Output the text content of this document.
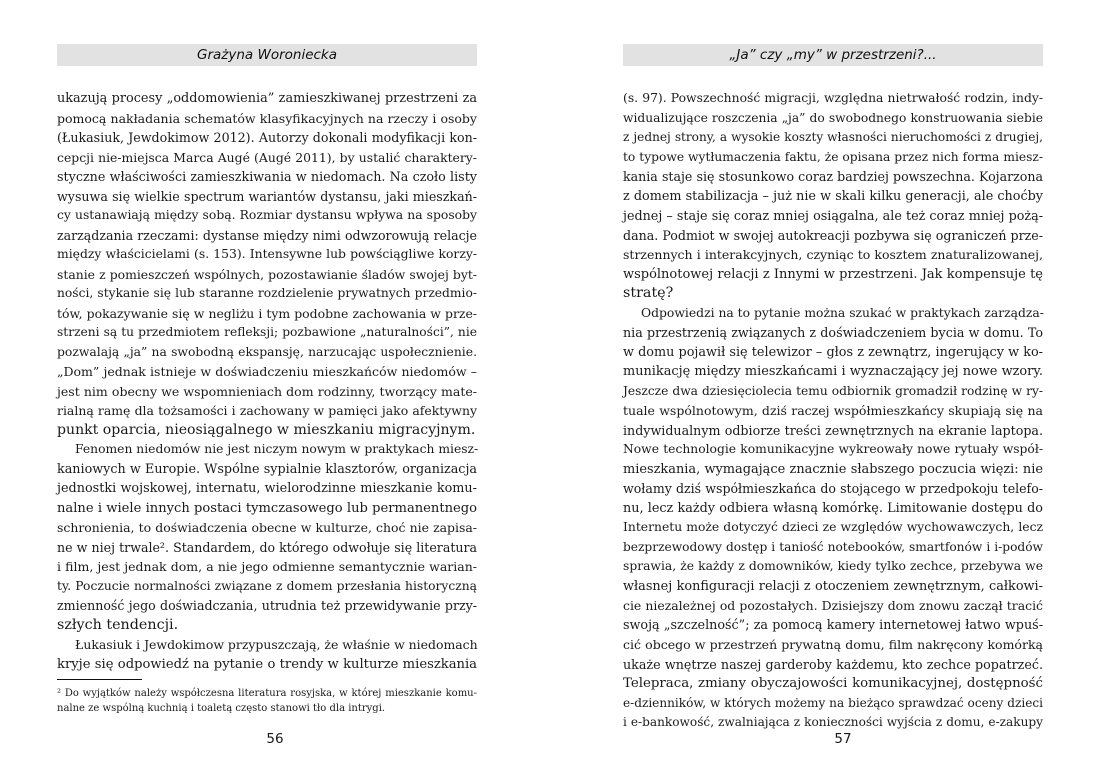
Grażyna Woroniecka
ukazują procesy „oddomowienia” zamieszkiwanej przestrzeni za
pomocą nakładania schematów klasyfikacyjnych na rzeczy i osoby
(Łukasiuk, Jewdokimow 2012). Autorzy dokonali modyfikacji kon-
cepcji nie-miejsca Marca Augé (Augé 2011), by ustalić charaktery-
styczne właściwości zamieszkiwania w niedomach. Na czoło listy
wysuwa się wielkie spectrum wariantów dystansu, jaki mieszkań-
cy ustanawiają między sobą. Rozmiar dystansu wpływa na sposoby
zarządzania rzeczami: dystanse między nimi odwzorowują relacje
między właścicielami (s. 153). Intensywne lub powściągliwe korzy-
stanie z pomieszczeń wspólnych, pozostawianie śladów swojej byt-
ności, stykanie się lub staranne rozdzielenie prywatnych przedmio-
tów, pokazywanie się w negliżu i tym podobne zachowania w prze-
strzeni są tu przedmiotem refleksji; pozbawione „naturalności”, nie
pozwalają „ja” na swobodną ekspansję, narzucając uspołecznienie.
„Dom” jednak istnieje w doświadczeniu mieszkańców niedomów –
jest nim obecny we wspomnieniach dom rodzinny, tworzący mate-
rialną ramę dla tożsamości i zachowany w pamięci jako afektywny
punkt oparcia, nieosiągalnego w mieszkaniu migracyjnym.
Fenomen niedomów nie jest niczym nowym w praktykach miesz-
kaniowych w Europie. Wspólne sypialnie klasztorów, organizacja
jednostki wojskowej, internatu, wielorodzinne mieszkanie komu-
nalne i wiele innych postaci tymczasowego lub permanentnego
schronienia, to doświadczenia obecne w kulturze, choć nie zapisa-
ne w niej trwale². Standardem, do którego odwołuje się literatura
i film, jest jednak dom, a nie jego odmienne semantycznie warian-
ty. Poczucie normalności związane z domem przesłania historyczną
zmienność jego doświadczania, utrudnia też przewidywanie przy-
szłych tendencji.
Łukasiuk i Jewdokimow przypuszczają, że właśnie w niedomach
kryje się odpowiedź na pytanie o trendy w kulturze mieszkania
² Do wyjątków należy współczesna literatura rosyjska, w której mieszkanie komu-
nalne ze wspólną kuchnią i toaletą często stanowi tło dla intrygi.
56
„Ja” czy „my” w przestrzeni?...
(s. 97). Powszechność migracji, względna nietrwałość rodzin, indy-
widualizujące roszczenia „ja” do swobodnego konstruowania siebie
z jednej strony, a wysokie koszty własności nieruchomości z drugiej,
to typowe wytłumaczenia faktu, że opisana przez nich forma miesz-
kania staje się stosunkowo coraz bardziej powszechna. Kojarzona
z domem stabilizacja – już nie w skali kilku generacji, ale choćby
jednej – staje się coraz mniej osiągalna, ale też coraz mniej pożą-
dana. Podmiot w swojej autokreacji pozbywa się ograniczeń prze-
strzennych i interakcyjnych, czyniąc to kosztem znaturalizowanej,
wspólnotowej relacji z Innymi w przestrzeni. Jak kompensuje tę
stratę?
Odpowiedzi na to pytanie można szukać w praktykach zarządza-
nia przestrzenią związanych z doświadczeniem bycia w domu. To
w domu pojawił się telewizor – głos z zewnątrz, ingerujący w ko-
munikację między mieszkańcami i wyznaczający jej nowe wzory.
Jeszcze dwa dziesięciolecia temu odbiornik gromadził rodzinę w ry-
tuale wspólnotowym, dziś raczej współmieszkańcy skupiają się na
indywidualnym odbiorze treści zewnętrznych na ekranie laptopa.
Nowe technologie komunikacyjne wykreowały nowe rytuały współ-
mieszkania, wymagające znacznie słabszego poczucia więzi: nie
wołamy dziś współmieszkańca do stojącego w przedpokoju telefo-
nu, lecz każdy odbiera własną komórkę. Limitowanie dostępu do
Internetu może dotyczyć dzieci ze względów wychowawczych, lecz
bezprzewodowy dostęp i taniość notebooków, smartfonów i i-podów
sprawia, że każdy z domowników, kiedy tylko zechce, przebywa we
własnej konfiguracji relacji z otoczeniem zewnętrznym, całkowi-
cie niezależnej od pozostałych. Dzisiejszy dom znowu zaczął tracić
swoją „szczelność”; za pomocą kamery internetowej łatwo wpuś-
cić obcego w przestrzeń prywatną domu, film nakręcony komórką
ukaże wnętrze naszej garderoby każdemu, kto zechce popatrzeć.
Telepraca, zmiany obyczajowości komunikacyjnej, dostępność
e-dzienników, w których możemy na bieżąco sprawdzać oceny dzieci
i e-bankowość, zwalniająca z konieczności wyjścia z domu, e-zakupy
57
